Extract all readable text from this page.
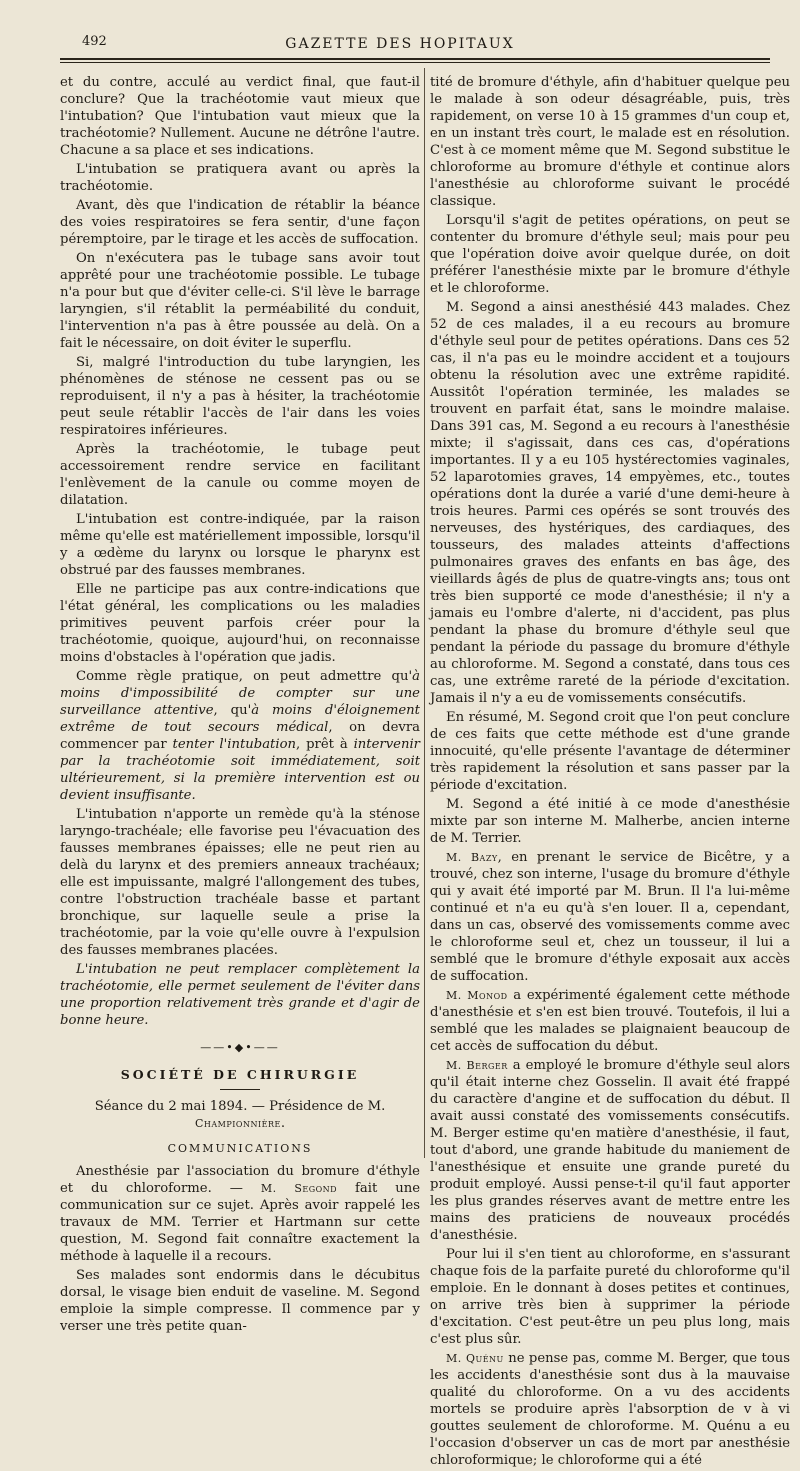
492	GAZETTE DES HOPITAUX

et du contre, acculé au verdict final, que faut-il conclure? Que la trachéotomie vaut mieux que l'intubation? Que l'intubation vaut mieux que la trachéotomie? Nullement. Aucune ne détrône l'autre. Chacune a sa place et ses indications.

L'intubation se pratiquera avant ou après la trachéotomie.

Avant, dès que l'indication de rétablir la béance des voies respiratoires se fera sentir, d'une façon péremptoire, par le tirage et les accès de suffocation.

On n'exécutera pas le tubage sans avoir tout apprêté pour une trachéotomie possible. Le tubage n'a pour but que d'éviter celle-ci. S'il lève le barrage laryngien, s'il rétablit la perméabilité du conduit, l'intervention n'a pas à être poussée au delà. On a fait le nécessaire, on doit éviter le superflu.

Si, malgré l'introduction du tube laryngien, les phénomènes de sténose ne cessent pas ou se reproduisent, il n'y a pas à hésiter, la trachéotomie peut seule rétablir l'accès de l'air dans les voies respiratoires inférieures.

Après la trachéotomie, le tubage peut accessoirement rendre service en facilitant l'enlèvement de la canule ou comme moyen de dilatation.

L'intubation est contre-indiquée, par la raison même qu'elle est matériellement impossible, lorsqu'il y a œdème du larynx ou lorsque le pharynx est obstrué par des fausses membranes.

Elle ne participe pas aux contre-indications que l'état général, les complications ou les maladies primitives peuvent parfois créer pour la trachéotomie, quoique, aujourd'hui, on reconnaisse moins d'obstacles à l'opération que jadis.

Comme règle pratique, on peut admettre qu'à moins d'impossibilité de compter sur une surveillance attentive, qu'à moins d'éloignement extrême de tout secours médical, on devra commencer par tenter l'intubation, prêt à intervenir par la trachéotomie soit immédiatement, soit ultérieurement, si la première intervention est ou devient insuffisante.

L'intubation n'apporte un remède qu'à la sténose laryngo-trachéale; elle favorise peu l'évacuation des fausses membranes épaisses; elle ne peut rien au delà du larynx et des premiers anneaux trachéaux; elle est impuissante, malgré l'allongement des tubes, contre l'obstruction trachéale basse et partant bronchique, sur laquelle seule a prise la trachéotomie, par la voie qu'elle ouvre à l'expulsion des fausses membranes placées.

L'intubation ne peut remplacer complètement la trachéotomie, elle permet seulement de l'éviter dans une proportion relativement très grande et d'agir de bonne heure.

——•◆•——
SOCIÉTÉ DE CHIRURGIE
Séance du 2 mai 1894. — Présidence de M. Championnière.
COMMUNICATIONS

Anesthésie par l'association du bromure d'éthyle et du chloroforme. — M. Segond fait une communication sur ce sujet. Après avoir rappelé les travaux de MM. Terrier et Hartmann sur cette question, M. Segond fait connaître exactement la méthode à laquelle il a recours.

Ses malades sont endormis dans le décubitus dorsal, le visage bien enduit de vaseline. M. Segond emploie la simple compresse. Il commence par y verser une très petite quan-

tité de bromure d'éthyle, afin d'habituer quelque peu le malade à son odeur désagréable, puis, très rapidement, on verse 10 à 15 grammes d'un coup et, en un instant très court, le malade est en résolution. C'est à ce moment même que M. Segond substitue le chloroforme au bromure d'éthyle et continue alors l'anesthésie au chloroforme suivant le procédé classique.

Lorsqu'il s'agit de petites opérations, on peut se contenter du bromure d'éthyle seul; mais pour peu que l'opération doive avoir quelque durée, on doit préférer l'anesthésie mixte par le bromure d'éthyle et le chloroforme.

M. Segond a ainsi anesthésié 443 malades. Chez 52 de ces malades, il a eu recours au bromure d'éthyle seul pour de petites opérations. Dans ces 52 cas, il n'a pas eu le moindre accident et a toujours obtenu la résolution avec une extrême rapidité. Aussitôt l'opération terminée, les malades se trouvent en parfait état, sans le moindre malaise. Dans 391 cas, M. Segond a eu recours à l'anesthésie mixte; il s'agissait, dans ces cas, d'opérations importantes. Il y a eu 105 hystérectomies vaginales, 52 laparotomies graves, 14 empyèmes, etc., toutes opérations dont la durée a varié d'une demi-heure à trois heures. Parmi ces opérés se sont trouvés des nerveuses, des hystériques, des cardiaques, des tousseurs, des malades atteints d'affections pulmonaires graves des enfants en bas âge, des vieillards âgés de plus de quatre-vingts ans; tous ont très bien supporté ce mode d'anesthésie; il n'y a jamais eu l'ombre d'alerte, ni d'accident, pas plus pendant la phase du bromure d'éthyle seul que pendant la période du passage du bromure d'éthyle au chloroforme. M. Segond a constaté, dans tous ces cas, une extrême rareté de la période d'excitation. Jamais il n'y a eu de vomissements consécutifs.

En résumé, M. Segond croit que l'on peut conclure de ces faits que cette méthode est d'une grande innocuité, qu'elle présente l'avantage de déterminer très rapidement la résolution et sans passer par la période d'excitation.

M. Segond a été initié à ce mode d'anesthésie mixte par son interne M. Malherbe, ancien interne de M. Terrier.

M. Bazy, en prenant le service de Bicêtre, y a trouvé, chez son interne, l'usage du bromure d'éthyle qui y avait été importé par M. Brun. Il l'a lui-même continué et n'a eu qu'à s'en louer. Il a, cependant, dans un cas, observé des vomissements comme avec le chloroforme seul et, chez un tousseur, il lui a semblé que le bromure d'éthyle exposait aux accès de suffocation.

M. Monod a expérimenté également cette méthode d'anesthésie et s'en est bien trouvé. Toutefois, il lui a semblé que les malades se plaignaient beaucoup de cet accès de suffocation du début.

M. Berger a employé le bromure d'éthyle seul alors qu'il était interne chez Gosselin. Il avait été frappé du caractère d'angine et de suffocation du début. Il avait aussi constaté des vomissements consécutifs. M. Berger estime qu'en matière d'anesthésie, il faut, tout d'abord, une grande habitude du maniement de l'anesthésique et ensuite une grande pureté du produit employé. Aussi pense-t-il qu'il faut apporter les plus grandes réserves avant de mettre entre les mains des praticiens de nouveaux procédés d'anesthésie.

Pour lui il s'en tient au chloroforme, en s'assurant chaque fois de la parfaite pureté du chloroforme qu'il emploie. En le donnant à doses petites et continues, on arrive très bien à supprimer la période d'excitation. C'est peut-être un peu plus long, mais c'est plus sûr.

M. Quénu ne pense pas, comme M. Berger, que tous les accidents d'anesthésie sont dus à la mauvaise qualité du chloroforme. On a vu des accidents mortels se produire après l'absorption de v à vi gouttes seulement de chloroforme. M. Quénu a eu l'occasion d'observer un cas de mort par anesthésie chloroformique; le chloroforme qui a été
